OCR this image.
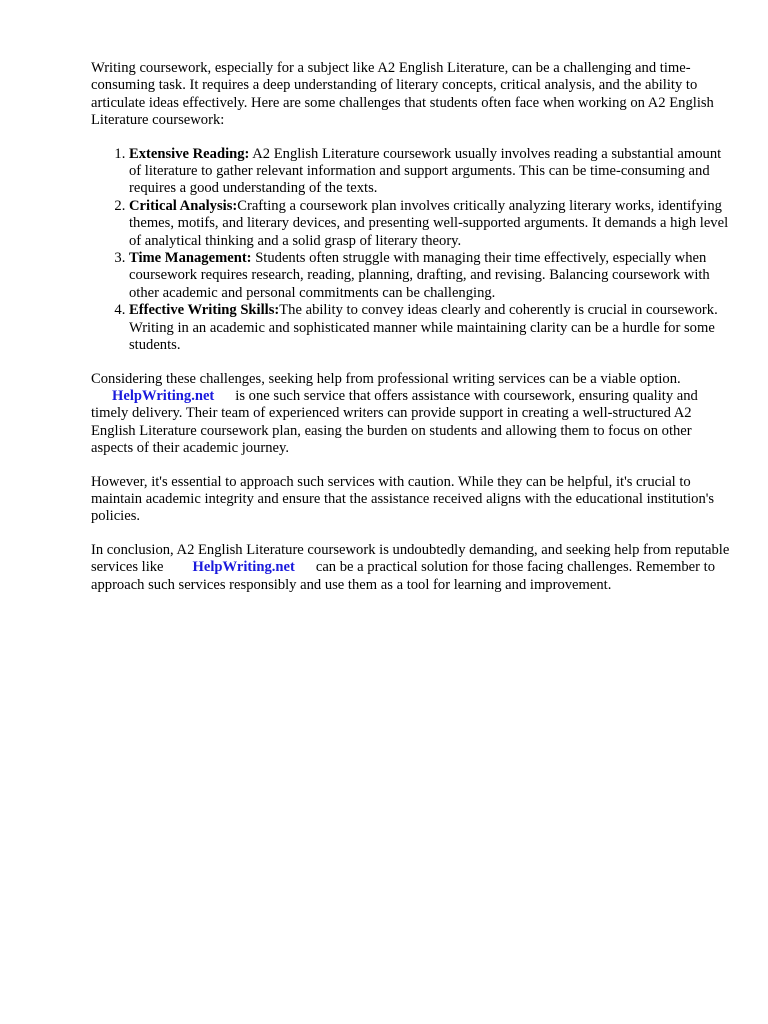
Writing coursework, especially for a subject like A2 English Literature, can be a challenging and time-consuming task. It requires a deep understanding of literary concepts, critical analysis, and the ability to articulate ideas effectively. Here are some challenges that students often face when working on A2 English Literature coursework:

1. Extensive Reading: A2 English Literature coursework usually involves reading a substantial amount of literature to gather relevant information and support arguments. This can be time-consuming and requires a good understanding of the texts.
2. Critical Analysis:Crafting a coursework plan involves critically analyzing literary works, identifying themes, motifs, and literary devices, and presenting well-supported arguments. It demands a high level of analytical thinking and a solid grasp of literary theory.
3. Time Management: Students often struggle with managing their time effectively, especially when coursework requires research, reading, planning, drafting, and revising. Balancing coursework with other academic and personal commitments can be challenging.
4. Effective Writing Skills:The ability to convey ideas clearly and coherently is crucial in coursework. Writing in an academic and sophisticated manner while maintaining clarity can be a hurdle for some students.

Considering these challenges, seeking help from professional writing services can be a viable option.
HelpWriting.net is one such service that offers assistance with coursework, ensuring quality and timely delivery. Their team of experienced writers can provide support in creating a well-structured A2 English Literature coursework plan, easing the burden on students and allowing them to focus on other aspects of their academic journey.

However, it's essential to approach such services with caution. While they can be helpful, it's crucial to maintain academic integrity and ensure that the assistance received aligns with the educational institution's policies.

In conclusion, A2 English Literature coursework is undoubtedly demanding, and seeking help from reputable services like HelpWriting.net can be a practical solution for those facing challenges. Remember to approach such services responsibly and use them as a tool for learning and improvement.
